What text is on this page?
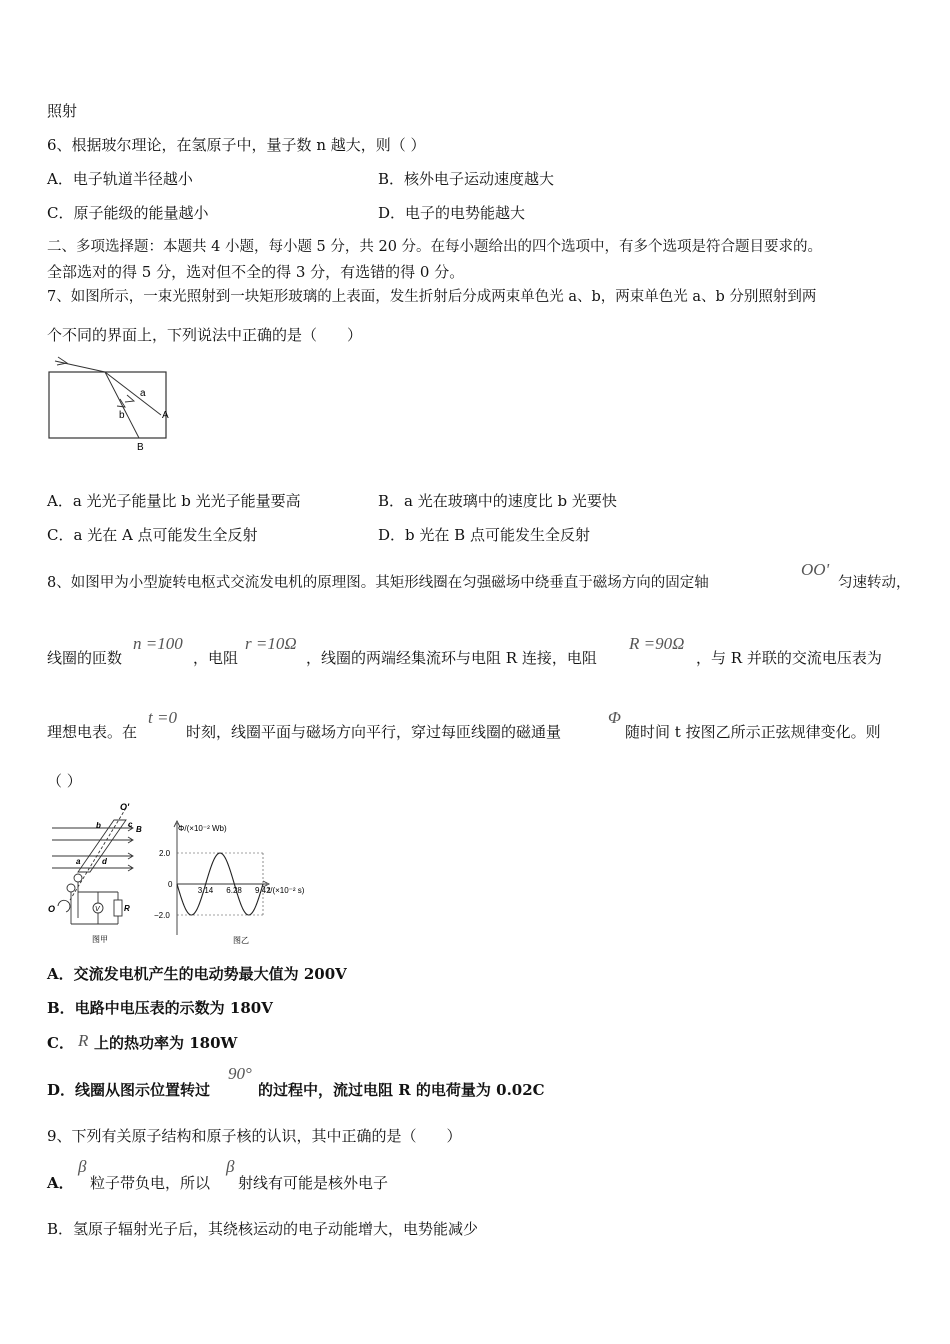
照射
6、根据玻尔理论，在氢原子中，量子数 n 越大，则（ ）
A．电子轨道半径越小	B．核外电子运动速度越大
C．原子能级的能量越小	D．电子的电势能越大
二、多项选择题：本题共 4 小题，每小题 5 分，共 20 分。在每小题给出的四个选项中，有多个选项是符合题目要求的。
全部选对的得 5 分，选对但不全的得 3 分，有选错的得 0 分。
7、如图所示，一束光照射到一块矩形玻璃的上表面，发生折射后分成两束单色光 a、b，两束单色光 a、b 分别照射到两
个不同的界面上，下列说法中正确的是（　　）
a
b	A
B
A．a 光光子能量比 b 光光子能量要高	B．a 光在玻璃中的速度比 b 光要快
C．a 光在 A 点可能发生全反射	D．b 光在 B 点可能发生全反射
8、如图甲为小型旋转电枢式交流发电机的原理图。其矩形线圈在匀强磁场中绕垂直于磁场方向的固定轴
OO'
匀速转动，
线圈的匝数
n =100
，电阻
r =10Ω
，线圈的两端经集流环与电阻 R 连接，电阻
R =90Ω
，与 R 并联的交流电压表为
理想电表。在
t =0
时刻，线圈平面与磁场方向平行，穿过每匝线圈的磁通量
Φ
随时间 t 按图乙所示正弦规律变化。则
（ ）
O'
O
b	c
a	d
B
V	R
图甲
3.14 6.28 9.42
Φ/(×10⁻² Wb)
t/(×10⁻² s)
2.0
−2.0
0
图乙
A．交流发电机产生的电动势最大值为 200V
B．电路中电压表的示数为 180V
C． R 上的热功率为 180W
D．线圈从图示位置转过
90°
的过程中，流过电阻 R 的电荷量为 0.02C
9、下列有关原子结构和原子核的认识，其中正确的是（　　）
A．
β
粒子带负电，所以
β
射线有可能是核外电子
B．氢原子辐射光子后，其绕核运动的电子动能增大，电势能减少
